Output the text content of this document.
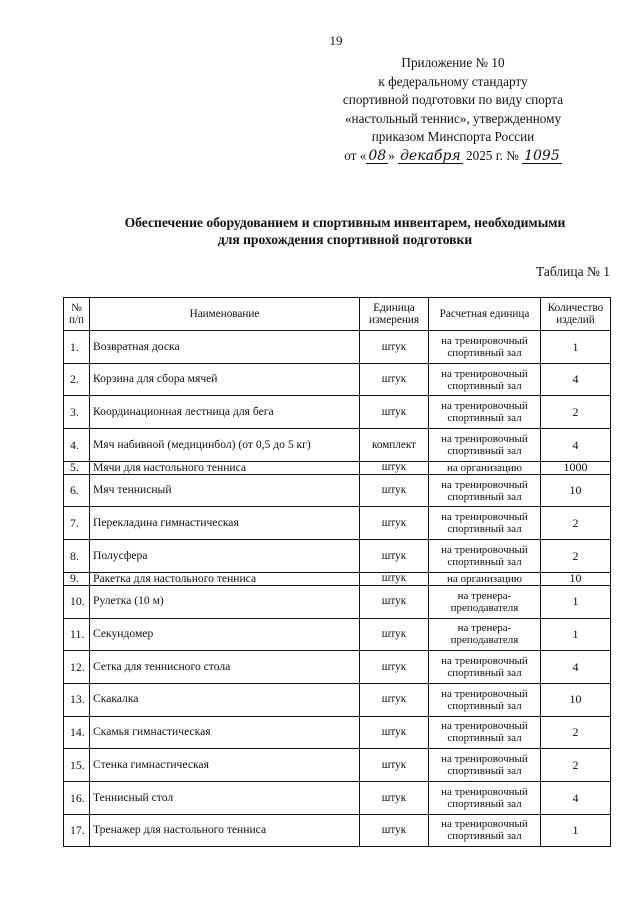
19
Приложение № 10
к федеральному стандарту
спортивной подготовки по виду спорта
«настольный теннис», утвержденному
приказом Минспорта России
от « 08 » декабря 2025 г. № 1095
Обеспечение оборудованием и спортивным инвентарем, необходимыми
для прохождения спортивной подготовки
Таблица № 1
№ п/п	Наименование	Единица измерения	Расчетная единица	Количество изделий
1.	Возвратная доска	штук	на тренировочный спортивный зал	1
2.	Корзина для сбора мячей	штук	на тренировочный спортивный зал	4
3.	Координационная лестница для бега	штук	на тренировочный спортивный зал	2
4.	Мяч набивной (медицинбол) (от 0,5 до 5 кг)	комплект	на тренировочный спортивный зал	4
5.	Мячи для настольного тенниса	штук	на организацию	1000
6.	Мяч теннисный	штук	на тренировочный спортивный зал	10
7.	Перекладина гимнастическая	штук	на тренировочный спортивный зал	2
8.	Полусфера	штук	на тренировочный спортивный зал	2
9.	Ракетка для настольного тенниса	штук	на организацию	10
10.	Рулетка (10 м)	штук	на тренера-преподавателя	1
11.	Секундомер	штук	на тренера-преподавателя	1
12.	Сетка для теннисного стола	штук	на тренировочный спортивный зал	4
13.	Скакалка	штук	на тренировочный спортивный зал	10
14.	Скамья гимнастическая	штук	на тренировочный спортивный зал	2
15.	Стенка гимнастическая	штук	на тренировочный спортивный зал	2
16.	Теннисный стол	штук	на тренировочный спортивный зал	4
17.	Тренажер для настольного тенниса	штук	на тренировочный спортивный зал	1
